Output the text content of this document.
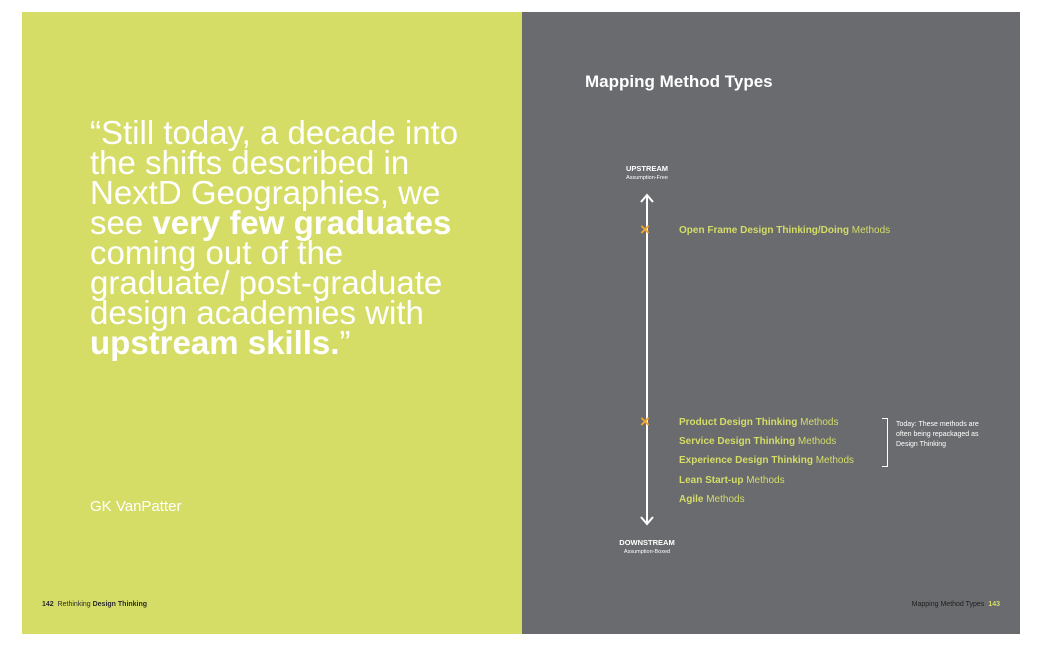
“Still today, a decade into the shifts described in NextD Geographies, we see very few graduates coming out of the graduate/ post-graduate design academies with upstream skills.”

GK VanPatter
142 Rethinking Design Thinking
Mapping Method Types
UPSTREAM
Assumption-Free
×
×
Open Frame Design Thinking/Doing Methods
Product Design Thinking Methods
Service Design Thinking Methods
Experience Design Thinking Methods
Lean Start-up Methods
Agile Methods
Today: These methods are often being repackaged as Design Thinking
DOWNSTREAM
Assumption-Boxed
Mapping Method Types 143
